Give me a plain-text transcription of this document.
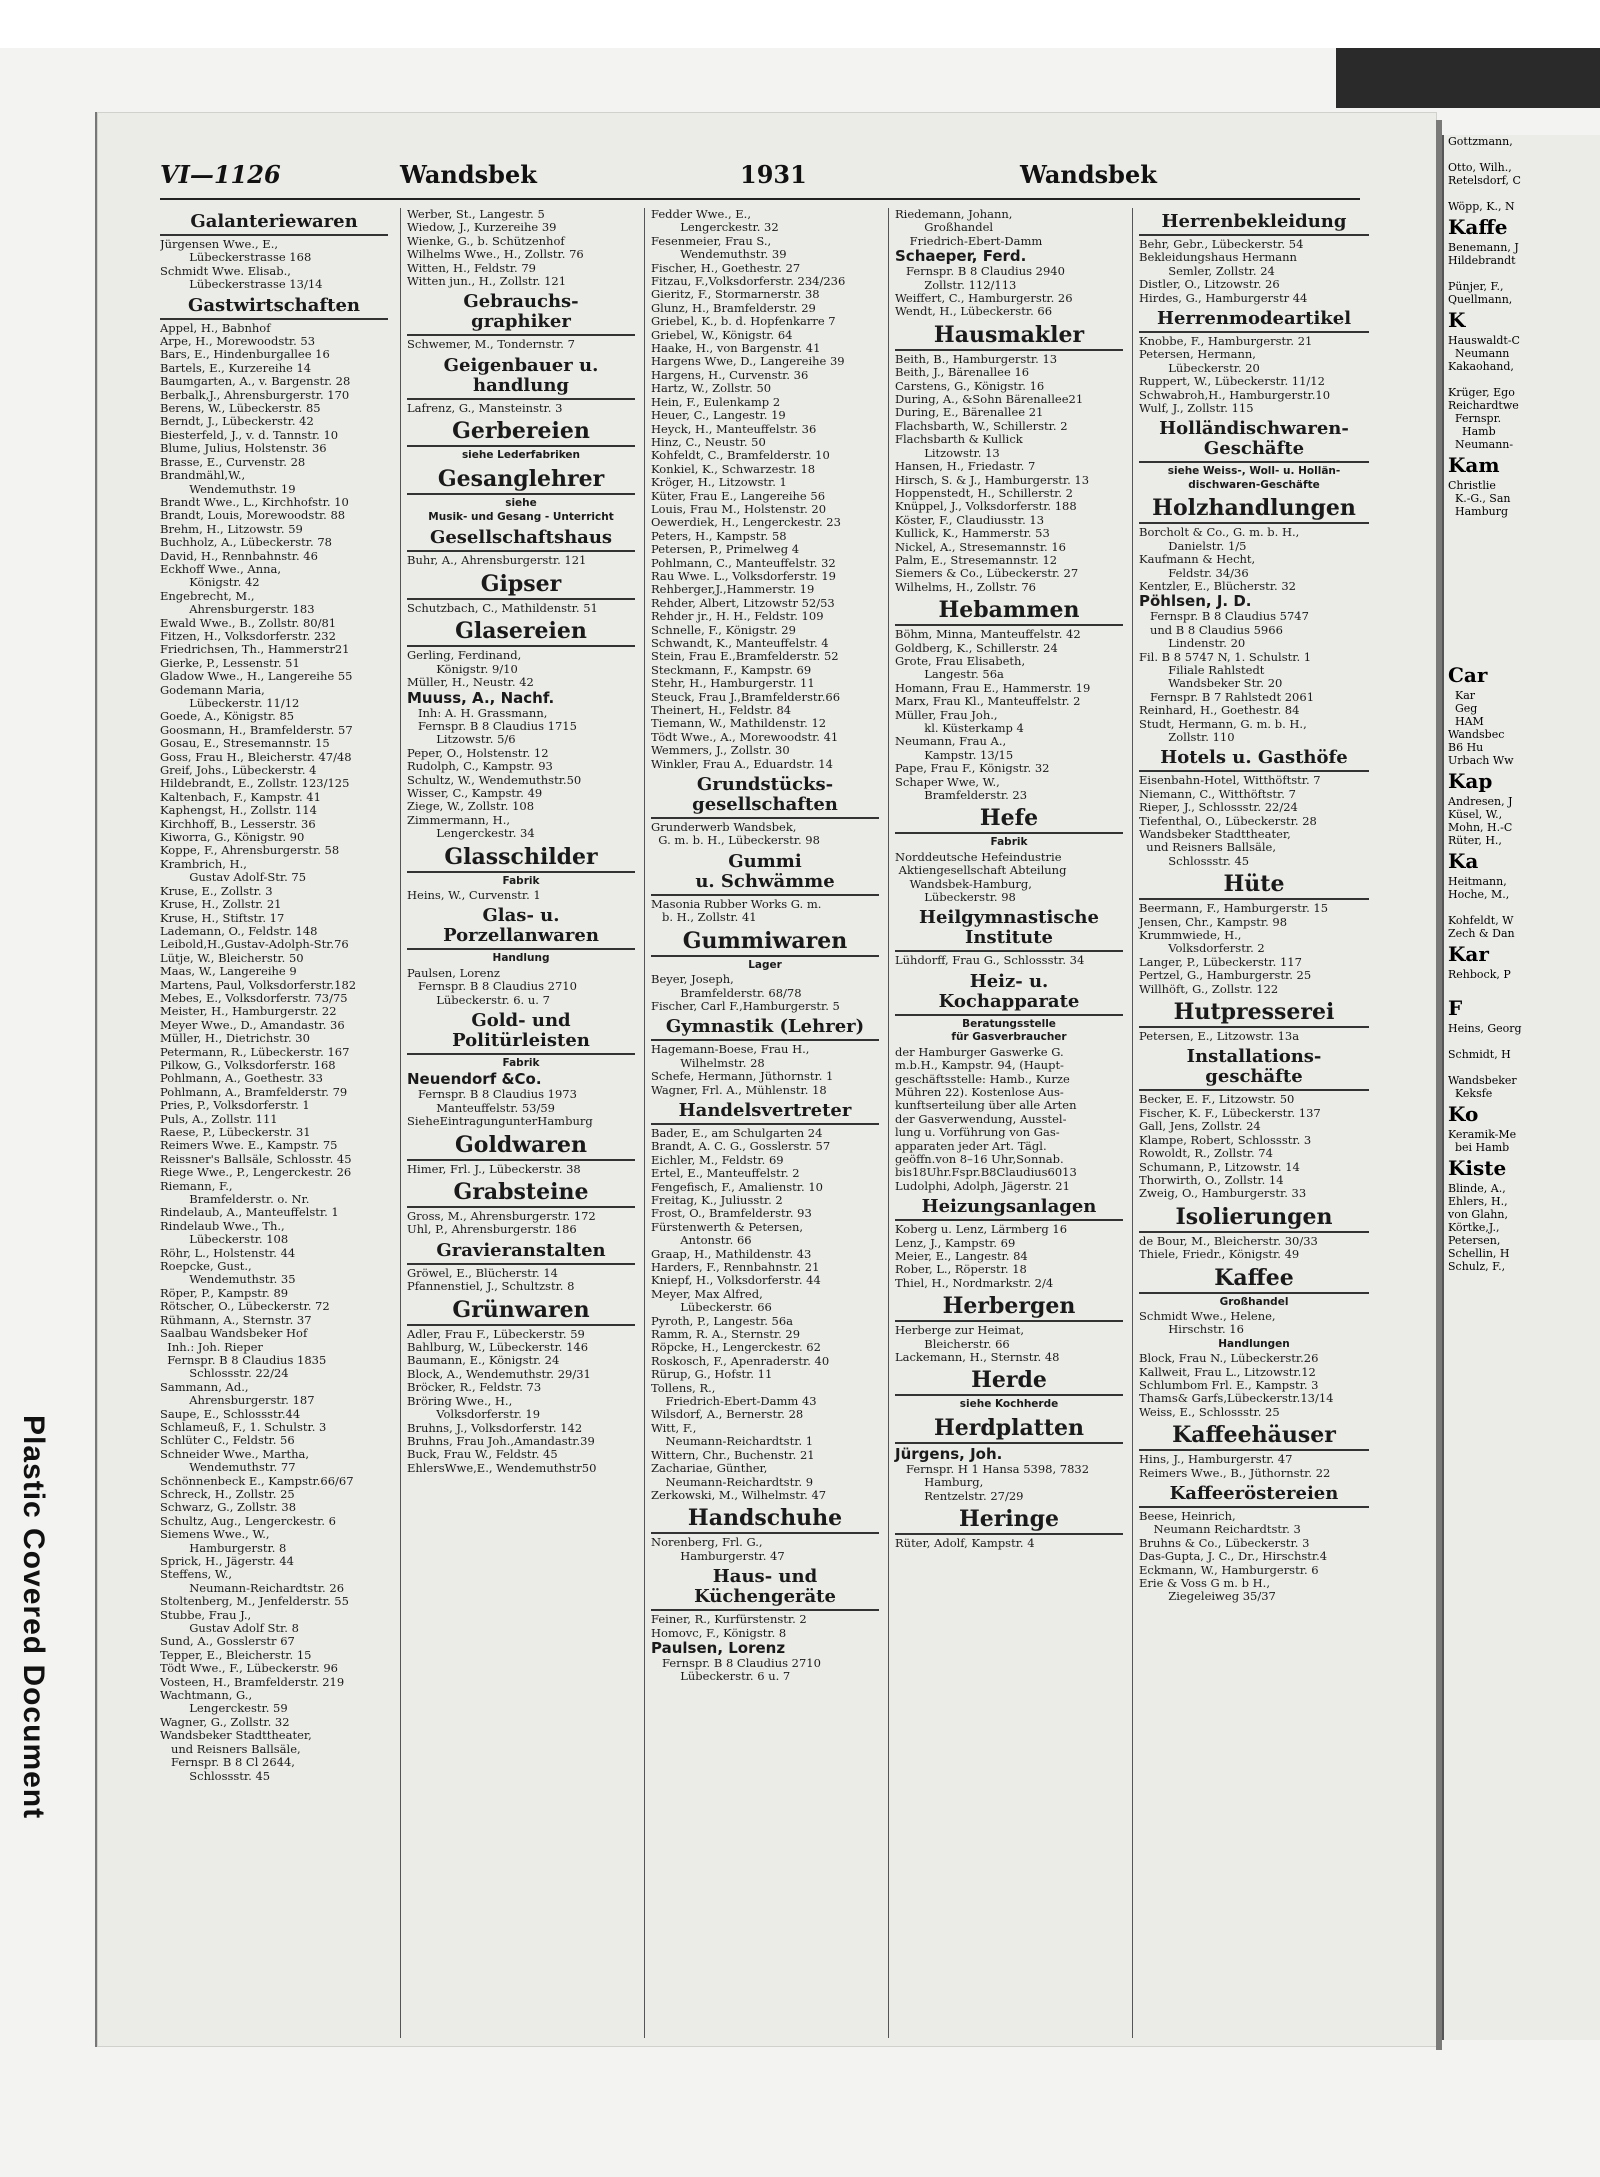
Plastic Covered Document
VI—1126	Wandsbek	1931	Wandsbek
Galanteriewaren
Jürgensen Wwe., E.,
Lübeckerstrasse 168
Schmidt Wwe. Elisab.,
Lübeckerstrasse 13/14
Gastwirtschaften
Appel, H., Babnhof
Arpe, H., Morewoodstr. 53
Bars, E., Hindenburgallee 16
Bartels, E., Kurzereihe 14
Baumgarten, A., v. Bargenstr. 28
Berbalk,J., Ahrensburgerstr. 170
Berens, W., Lübeckerstr. 85
Berndt, J., Lübeckerstr. 42
Biesterfeld, J., v. d. Tannstr. 10
Blume, Julius, Holstenstr. 36
Brasse, E., Curvenstr. 28
Brandmähl,W.,
Wendemuthstr. 19
Brandt Wwe., L., Kirchhofstr. 10
Brandt, Louis, Morewoodstr. 88
Brehm, H., Litzowstr. 59
Buchholz, A., Lübeckerstr. 78
David, H., Rennbahnstr. 46
Eckhoff Wwe., Anna,
Königstr. 42
Engebrecht, M.,
Ahrensburgerstr. 183
Ewald Wwe., B., Zollstr. 80/81
Fitzen, H., Volksdorferstr. 232
Friedrichsen, Th., Hammerstr21
Gierke, P., Lessenstr. 51
Gladow Wwe., H., Langereihe 55
Godemann Maria,
Lübeckerstr. 11/12
Goede, A., Königstr. 85
Goosmann, H., Bramfelderstr. 57
Gosau, E., Stresemannstr. 15
Goss, Frau H., Bleicherstr. 47/48
Greif, Johs., Lübeckerstr. 4
Hildebrandt, E., Zollstr. 123/125
Kaltenbach, F., Kampstr. 41
Kaphengst, H., Zollstr. 114
Kirchhoff, B., Lesserstr. 36
Kiworra, G., Königstr. 90
Koppe, F., Ahrensburgerstr. 58
Krambrich, H.,
Gustav Adolf-Str. 75
Kruse, E., Zollstr. 3
Kruse, H., Zollstr. 21
Kruse, H., Stiftstr. 17
Lademann, O., Feldstr. 148
Leibold,H.,Gustav-Adolph-Str.76
Lütje, W., Bleicherstr. 50
Maas, W., Langereihe 9
Martens, Paul, Volksdorferstr.182
Mebes, E., Volksdorferstr. 73/75
Meister, H., Hamburgerstr. 22
Meyer Wwe., D., Amandastr. 36
Müller, H., Dietrichstr. 30
Petermann, R., Lübeckerstr. 167
Pilkow, G., Volksdorferstr. 168
Pohlmann, A., Goethestr. 33
Pohlmann, A., Bramfelderstr. 79
Pries, P., Volksdorferstr. 1
Puls, A., Zollstr. 111
Raese, P., Lübeckerstr. 31
Reimers Wwe. E., Kampstr. 75
Reissner's Ballsäle, Schlosstr. 45
Riege Wwe., P., Lengerckestr. 26
Riemann, F.,
Bramfelderstr. o. Nr.
Rindelaub, A., Manteuffelstr. 1
Rindelaub Wwe., Th.,
Lübeckerstr. 108
Röhr, L., Holstenstr. 44
Roepcke, Gust.,
Wendemuthstr. 35
Röper, P., Kampstr. 89
Rötscher, O., Lübeckerstr. 72
Rühmann, A., Sternstr. 37
Saalbau Wandsbeker Hof
Inh.: Joh. Rieper
Fernspr. B 8 Claudius 1835
Schlossstr. 22/24
Sammann, Ad.,
Ahrensburgerstr. 187
Saupe, E., Schlossstr.44
Schlameuß, F., 1. Schulstr. 3
Schlüter C., Feldstr. 56
Schneider Wwe., Martha,
Wendemuthstr. 77
Schönnenbeck E., Kampstr.66/67
Schreck, H., Zollstr. 25
Schwarz, G., Zollstr. 38
Schultz, Aug., Lengerckestr. 6
Siemens Wwe., W.,
Hamburgerstr. 8
Sprick, H., Jägerstr. 44
Steffens, W.,
Neumann-Reichardtstr. 26
Stoltenberg, M., Jenfelderstr. 55
Stubbe, Frau J.,
Gustav Adolf Str. 8
Sund, A., Gosslerstr 67
Tepper, E., Bleicherstr. 15
Tödt Wwe., F., Lübeckerstr. 96
Vosteen, H., Bramfelderstr. 219
Wachtmann, G.,
Lengerckestr. 59
Wagner, G., Zollstr. 32
Wandsbeker Stadttheater,
und Reisners Ballsäle,
Fernspr. B 8 Cl 2644,
Schlossstr. 45
Werber, St., Langestr. 5
Wiedow, J., Kurzereihe 39
Wienke, G., b. Schützenhof
Wilhelms Wwe., H., Zollstr. 76
Witten, H., Feldstr. 79
Witten jun., H., Zollstr. 121
Gebrauchs-
graphiker
Schwemer, M., Tondernstr. 7
Geigenbauer u.
handlung
Lafrenz, G., Mansteinstr. 3
Gerbereien
siehe Lederfabriken
Gesanglehrer
siehe
Musik- und Gesang - Unterricht
Gesellschaftshaus
Buhr, A., Ahrensburgerstr. 121
Gipser
Schutzbach, C., Mathildenstr. 51
Glasereien
Gerling, Ferdinand,
Königstr. 9/10
Müller, H., Neustr. 42
Muuss, A., Nachf.
Inh: A. H. Grassmann,
Fernspr. B 8 Claudius 1715
Litzowstr. 5/6
Peper, O., Holstenstr. 12
Rudolph, C., Kampstr. 93
Schultz, W., Wendemuthstr.50
Wisser, C., Kampstr. 49
Ziege, W., Zollstr. 108
Zimmermann, H.,
Lengerckestr. 34
Glasschilder
Fabrik
Heins, W., Curvenstr. 1
Glas- u.
Porzellanwaren
Handlung
Paulsen, Lorenz
Fernspr. B 8 Claudius 2710
Lübeckerstr. 6. u. 7
Gold- und
Politürleisten
Fabrik
Neuendorf &Co.
Fernspr. B 8 Claudius 1973
Manteuffelstr. 53/59
SieheEintragungunterHamburg
Goldwaren
Himer, Frl. J., Lübeckerstr. 38
Grabsteine
Gross, M., Ahrensburgerstr. 172
Uhl, P., Ahrensburgerstr. 186
Gravieranstalten
Gröwel, E., Blücherstr. 14
Pfannenstiel, J., Schultzstr. 8
Grünwaren
Adler, Frau F., Lübeckerstr. 59
Bahlburg, W., Lübeckerstr. 146
Baumann, E., Königstr. 24
Block, A., Wendemuthstr. 29/31
Bröcker, R., Feldstr. 73
Bröring Wwe., H.,
Volksdorferstr. 19
Bruhns, J., Volksdorferstr. 142
Bruhns, Frau Joh.,Amandastr.39
Buck, Frau W., Feldstr. 45
EhlersWwe,E., Wendemuthstr50
Fedder Wwe., E.,
Lengerckestr. 32
Fesenmeier, Frau S.,
Wendemuthstr. 39
Fischer, H., Goethestr. 27
Fitzau, F.,Volksdorferstr. 234/236
Gieritz, F., Stormarnerstr. 38
Glunz, H., Bramfelderstr. 29
Griebel, K., b. d. Hopfenkarre 7
Griebel, W., Königstr. 64
Haake, H., von Bargenstr. 41
Hargens Wwe, D., Langereihe 39
Hargens, H., Curvenstr. 36
Hartz, W., Zollstr. 50
Hein, F., Eulenkamp 2
Heuer, C., Langestr. 19
Heyck, H., Manteuffelstr. 36
Hinz, C., Neustr. 50
Kohfeldt, C., Bramfelderstr. 10
Konkiel, K., Schwarzestr. 18
Kröger, H., Litzowstr. 1
Küter, Frau E., Langereihe 56
Louis, Frau M., Holstenstr. 20
Oewerdiek, H., Lengerckestr. 23
Peters, H., Kampstr. 58
Petersen, P., Primelweg 4
Pohlmann, C., Manteuffelstr. 32
Rau Wwe. L., Volksdorferstr. 19
Rehberger,J.,Hammerstr. 19
Rehder, Albert, Litzowstr 52/53
Rehder jr., H. H., Feldstr. 109
Schnelle, F., Königstr. 29
Schwandt, K., Manteuffelstr. 4
Stein, Frau E.,Bramfelderstr. 52
Steckmann, F., Kampstr. 69
Stehr, H., Hamburgerstr. 11
Steuck, Frau J.,Bramfelderstr.66
Theinert, H., Feldstr. 84
Tiemann, W., Mathildenstr. 12
Tödt Wwe., A., Morewoodstr. 41
Wemmers, J., Zollstr. 30
Winkler, Frau A., Eduardstr. 14
Grundstücks-
gesellschaften
Grunderwerb Wandsbek,
G. m. b. H., Lübeckerstr. 98
Gummi
u. Schwämme
Masonia Rubber Works G. m.
b. H., Zollstr. 41
Gummiwaren
Lager
Beyer, Joseph,
Bramfelderstr. 68/78
Fischer, Carl F.,Hamburgerstr. 5
Gymnastik (Lehrer)
Hagemann-Boese, Frau H.,
Wilhelmstr. 28
Schefe, Hermann, Jüthornstr. 1
Wagner, Frl. A., Mühlenstr. 18
Handelsvertreter
Bader, E., am Schulgarten 24
Brandt, A. C. G., Gosslerstr. 57
Eichler, M., Feldstr. 69
Ertel, E., Manteuffelstr. 2
Fengefisch, F., Amalienstr. 10
Freitag, K., Juliusstr. 2
Frost, O., Bramfelderstr. 93
Fürstenwerth & Petersen,
Antonstr. 66
Graap, H., Mathildenstr. 43
Harders, F., Rennbahnstr. 21
Kniepf, H., Volksdorferstr. 44
Meyer, Max Alfred,
Lübeckerstr. 66
Pyroth, P., Langestr. 56a
Ramm, R. A., Sternstr. 29
Röpcke, H., Lengerckestr. 62
Roskosch, F., Apenraderstr. 40
Rürup, G., Hofstr. 11
Tollens, R.,
Friedrich-Ebert-Damm 43
Wilsdorf, A., Bernerstr. 28
Witt, F.,
Neumann-Reichardtstr. 1
Wittern, Chr., Buchenstr. 21
Zachariae, Günther,
Neumann-Reichardtstr. 9
Zerkowski, M., Wilhelmstr. 47
Handschuhe
Norenberg, Frl. G.,
Hamburgerstr. 47
Haus- und
Küchengeräte
Feiner, R., Kurfürstenstr. 2
Homovc, F., Königstr. 8
Paulsen, Lorenz
Fernspr. B 8 Claudius 2710
Lübeckerstr. 6 u. 7
Riedemann, Johann,
Großhandel
Friedrich-Ebert-Damm
Schaeper, Ferd.
Fernspr. B 8 Claudius 2940
Zollstr. 112/113
Weiffert, C., Hamburgerstr. 26
Wendt, H., Lübeckerstr. 66
Hausmakler
Beith, B., Hamburgerstr. 13
Beith, J., Bärenallee 16
Carstens, G., Königstr. 16
During, A., &Sohn Bärenallee21
During, E., Bärenallee 21
Flachsbarth, W., Schillerstr. 2
Flachsbarth & Kullick
Litzowstr. 13
Hansen, H., Friedastr. 7
Hirsch, S. & J., Hamburgerstr. 13
Hoppenstedt, H., Schillerstr. 2
Knüppel, J., Volksdorferstr. 188
Köster, F., Claudiusstr. 13
Kullick, K., Hammerstr. 53
Nickel, A., Stresemannstr. 16
Palm, E., Stresemannstr. 12
Siemers & Co., Lübeckerstr. 27
Wilhelms, H., Zollstr. 76
Hebammen
Böhm, Minna, Manteuffelstr. 42
Goldberg, K., Schillerstr. 24
Grote, Frau Elisabeth,
Langestr. 56a
Homann, Frau E., Hammerstr. 19
Marx, Frau Kl., Manteuffelstr. 2
Müller, Frau Joh.,
kl. Küsterkamp 4
Neumann, Frau A.,
Kampstr. 13/15
Pape, Frau F., Königstr. 32
Schaper Wwe, W.,
Bramfelderstr. 23
Hefe
Fabrik
Norddeutsche Hefeindustrie
Aktiengesellschaft Abteilung
Wandsbek-Hamburg,
Lübeckerstr. 98
Heilgymnastische
Institute
Lühdorff, Frau G., Schlossstr. 34
Heiz- u.
Kochapparate
Beratungsstelle
für Gasverbraucher
der Hamburger Gaswerke G.
m.b.H., Kampstr. 94, (Haupt-
geschäftsstelle: Hamb., Kurze
Mühren 22). Kostenlose Aus-
kunftserteilung über alle Arten
der Gasverwendung, Ausstel-
lung u. Vorführung von Gas-
apparaten jeder Art. Tägl.
geöffn.von 8–16 Uhr,Sonnab.
bis18Uhr.Fspr.B8Claudius6013
Ludolphi, Adolph, Jägerstr. 21
Heizungsanlagen
Koberg u. Lenz, Lärmberg 16
Lenz, J., Kampstr. 69
Meier, E., Langestr. 84
Rober, L., Röperstr. 18
Thiel, H., Nordmarkstr. 2/4
Herbergen
Herberge zur Heimat,
Bleicherstr. 66
Lackemann, H., Sternstr. 48
Herde
siehe Kochherde
Herdplatten
Jürgens, Joh.
Fernspr. H 1 Hansa 5398, 7832
Hamburg,
Rentzelstr. 27/29
Heringe
Rüter, Adolf, Kampstr. 4
Herrenbekleidung
Behr, Gebr., Lübeckerstr. 54
Bekleidungshaus Hermann
Semler, Zollstr. 24
Distler, O., Litzowstr. 26
Hirdes, G., Hamburgerstr 44
Herrenmodeartikel
Knobbe, F., Hamburgerstr. 21
Petersen, Hermann,
Lübeckerstr. 20
Ruppert, W., Lübeckerstr. 11/12
Schwabroh,H., Hamburgerstr.10
Wulf, J., Zollstr. 115
Holländischwaren-
Geschäfte
siehe Weiss-, Woll- u. Hollän-
dischwaren-Geschäfte
Holzhandlungen
Borcholt & Co., G. m. b. H.,
Danielstr. 1/5
Kaufmann & Hecht,
Feldstr. 34/36
Kentzler, E., Blücherstr. 32
Pöhlsen, J. D.
Fernspr. B 8 Claudius 5747
und B 8 Claudius 5966
Lindenstr. 20
Fil. B 8 5747 N, 1. Schulstr. 1
Filiale Rahlstedt
Wandsbeker Str. 20
Fernspr. B 7 Rahlstedt 2061
Reinhard, H., Goethestr. 84
Studt, Hermann, G. m. b. H.,
Zollstr. 110
Hotels u. Gasthöfe
Eisenbahn-Hotel, Witthöftstr. 7
Niemann, C., Witthöftstr. 7
Rieper, J., Schlossstr. 22/24
Tiefenthal, O., Lübeckerstr. 28
Wandsbeker Stadttheater,
und Reisners Ballsäle,
Schlossstr. 45
Hüte
Beermann, F., Hamburgerstr. 15
Jensen, Chr., Kampstr. 98
Krummwiede, H.,
Volksdorferstr. 2
Langer, P., Lübeckerstr. 117
Pertzel, G., Hamburgerstr. 25
Willhöft, G., Zollstr. 122
Hutpresserei
Petersen, E., Litzowstr. 13a
Installations-
geschäfte
Becker, E. F., Litzowstr. 50
Fischer, K. F., Lübeckerstr. 137
Gall, Jens, Zollstr. 24
Klampe, Robert, Schlossstr. 3
Rowoldt, R., Zollstr. 74
Schumann, P., Litzowstr. 14
Thorwirth, O., Zollstr. 14
Zweig, O., Hamburgerstr. 33
Isolierungen
de Bour, M., Bleicherstr. 30/33
Thiele, Friedr., Königstr. 49
Kaffee
Großhandel
Schmidt Wwe., Helene,
Hirschstr. 16
Handlungen
Block, Frau N., Lübeckerstr.26
Kallweit, Frau L., Litzowstr.12
Schlumbom Frl. E., Kampstr. 3
Thams& Garfs,Lübeckerstr.13/14
Weiss, E., Schlossstr. 25
Kaffeehäuser
Hins, J., Hamburgerstr. 47
Reimers Wwe., B., Jüthornstr. 22
Kaffeeröstereien
Beese, Heinrich,
Neumann Reichardtstr. 3
Bruhns & Co., Lübeckerstr. 3
Das-Gupta, J. C., Dr., Hirschstr.4
Eckmann, W., Hamburgerstr. 6
Erie & Voss G m. b H.,
Ziegeleiweg 35/37
Gottzmann,

Otto, Wilh.,
Retelsdorf, C

Wöpp, K., N
Kaffe
Benemann, J
Hildebrandt

Pünjer, F.,
Quellmann,
K
Hauswaldt-C
Neumann
Kakaohand,

Krüger, Ego
Reichardtwe
Fernspr.
Hamb
Neumann-
Kam
Christlie
K.-G., San
Hamburg

Car
Kar
Geg
HAM
Wandsbec
B6 Hu
Urbach Ww
Kap
Andresen, J
Küsel, W.,
Mohn, H.-C
Rüter, H.,
Ka
Heitmann,
Hoche, M.,

Kohfeldt, W
Zech & Dan
Kar
Rehbock, P

F
Heins, Georg

Schmidt, H

Wandsbeker
Keksfe
Ko
Keramik-Me
bei Hamb
Kiste
Blinde, A.,
Ehlers, H.,
von Glahn,
Körtke,J.,
Petersen,
Schellin, H
Schulz, F.,
